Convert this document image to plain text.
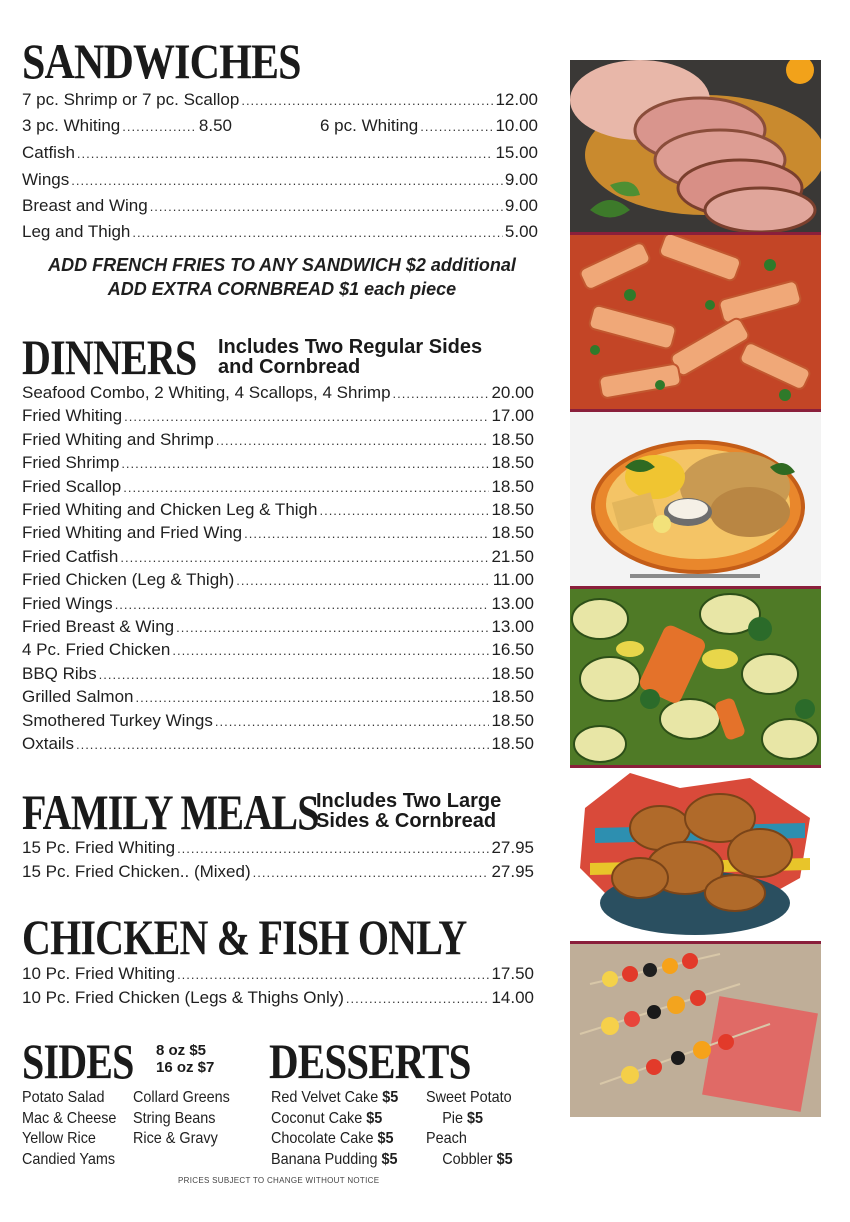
SANDWICHES
7 pc. Shrimp or 7 pc. Scallop .....	12.00
3 pc. Whiting .....	8.50	6 pc. Whiting .....	10.00
Catfish .....	15.00
Wings .....	9.00
Breast and Wing .....	9.00
Leg and Thigh .....	5.00
ADD FRENCH FRIES TO ANY SANDWICH $2 additional
ADD EXTRA CORNBREAD $1 each piece
DINNERS Includes Two Regular Sides
and Cornbread
Seafood Combo, 2 Whiting, 4 Scallops, 4 Shrimp .....	20.00
Fried Whiting .....	17.00
Fried Whiting and Shrimp .....	18.50
Fried Shrimp .....	18.50
Fried Scallop .....	18.50
Fried Whiting and Chicken Leg & Thigh .....	18.50
Fried Whiting and Fried Wing .....	18.50
Fried Catfish .....	21.50
Fried Chicken (Leg & Thigh) .....	11.00
Fried Wings .....	13.00
Fried Breast & Wing .....	13.00
4 Pc. Fried Chicken .....	16.50
BBQ Ribs .....	18.50
Grilled Salmon .....	18.50
Smothered Turkey Wings .....	18.50
Oxtails .....	18.50
FAMILY MEALS
Includes Two Large
Sides & Cornbread
15 Pc. Fried Whiting .....	27.95
15 Pc. Fried Chicken.. (Mixed) .....	27.95
CHICKEN & FISH ONLY
10 Pc. Fried Whiting .....	17.50
10 Pc. Fried Chicken (Legs & Thighs Only) .....	14.00
SIDES 8 oz $5
16 oz $7
Potato Salad
Mac & Cheese
Yellow Rice
Candied Yams
Collard Greens
String Beans
Rice & Gravy
DESSERTS
Red Velvet Cake $5
Coconut Cake $5
Chocolate Cake $5
Banana Pudding $5
Sweet Potato
Pie $5
Peach
Cobbler $5
PRICES SUBJECT TO CHANGE WITHOUT NOTICE
